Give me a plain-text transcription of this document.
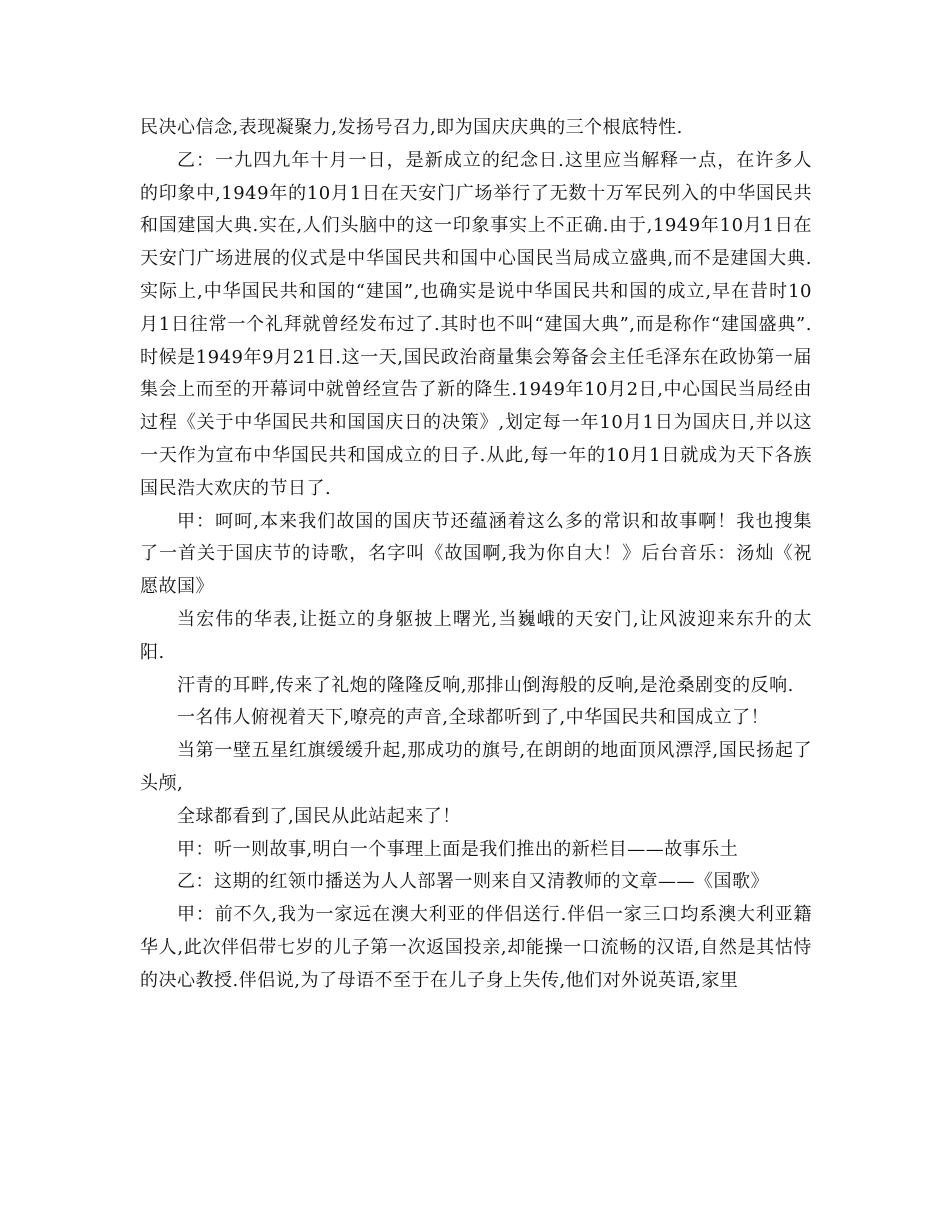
民决心信念,表现凝聚力,发扬号召力,即为国庆庆典的三个根底特性.

乙：一九四九年十月一日，是新成立的纪念日.这里应当解释一点，在许多人的印象中,1949年的10月1日在天安门广场举行了无数十万军民列入的中华国民共和国建国大典.实在,人们头脑中的这一印象事实上不正确.由于,1949年10月1日在天安门广场进展的仪式是中华国民共和国中心国民当局成立盛典,而不是建国大典.实际上,中华国民共和国的“建国”,也确实是说中华国民共和国的成立,早在昔时10月1日往常一个礼拜就曾经发布过了.其时也不叫“建国大典”,而是称作“建国盛典”.时候是1949年9月21日.这一天,国民政治商量集会筹备会主任毛泽东在政协第一届集会上而至的开幕词中就曾经宣告了新的降生.1949年10月2日,中心国民当局经由过程《关于中华国民共和国国庆日的决策》,划定每一年10月1日为国庆日,并以这一天作为宣布中华国民共和国成立的日子.从此,每一年的10月1日就成为天下各族国民浩大欢庆的节日了.

甲：呵呵,本来我们故国的国庆节还蕴涵着这么多的常识和故事啊！我也搜集了一首关于国庆节的诗歌，名字叫《故国啊,我为你自大！》后台音乐：汤灿《祝愿故国》

当宏伟的华表,让挺立的身躯披上曙光,当巍峨的天安门,让风波迎来东升的太阳.

汗青的耳畔,传来了礼炮的隆隆反响,那排山倒海般的反响,是沧桑剧变的反响.

一名伟人俯视着天下,嘹亮的声音,全球都听到了,中华国民共和国成立了！

当第一壁五星红旗缓缓升起,那成功的旗号,在朗朗的地面顶风漂浮,国民扬起了头颅,

全球都看到了,国民从此站起来了！

甲：听一则故事,明白一个事理上面是我们推出的新栏目——故事乐土

乙：这期的红领巾播送为人人部署一则来自又清教师的文章——《国歌》

甲：前不久,我为一家远在澳大利亚的伴侣送行.伴侣一家三口均系澳大利亚籍华人,此次伴侣带七岁的儿子第一次返国投亲,却能操一口流畅的汉语,自然是其怙恃的决心教授.伴侣说,为了母语不至于在儿子身上失传,他们对外说英语,家里
